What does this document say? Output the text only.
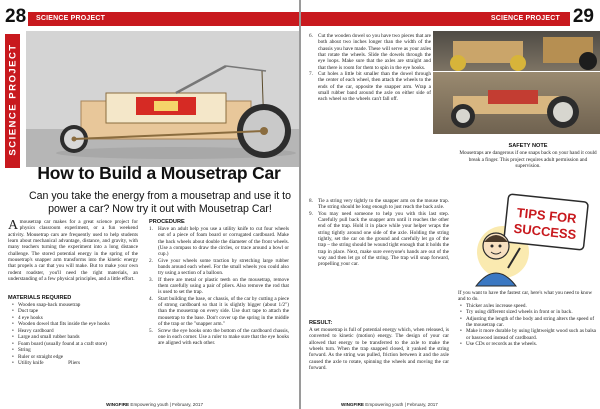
28	SCIENCE PROJECT
SCIENCE PROJECT
How to Build a Mousetrap Car
Can you take the energy from a mousetrap and use it to power a car? Now try it out with Mousetrap Car!
Amousetrap car makes for a great science project for physics classroom experiment, or a fun weekend activity. Mousetrap cars are frequently used to help students learn about mechanical advantage, distance, and gravity, with many teachers turning the experiment into a long distance challenge. The stored potential energy in the spring of the mousetrap's snapper arm transforms into the kinetic energy that propels a car that you will make. But to make your own rodent roadster, you'll need the right materials, an understanding of a few physical principles, and a little effort.
MATERIALS REQUIRED
• Wooden snap-back mousetrap
• Duct tape
• 4 eye hooks
• Wooden dowel that fits inside the eye hooks
• Heavy cardboard
• Large and small rubber bands
• Foam board (usually found at a craft store)
• String
• Ruler or straight edge
• Utility knife	Pliers
PROCEDURE
1. Have an adult help you use a utility knife to cut four wheels out of a piece of foam board or corrugated cardboard. Make the back wheels about double the diameter of the front wheels. (Use a compass to draw the circles, or trace around a bowl or cup.)
2. Give your wheels some traction by stretching large rubber bands around each wheel. For the small wheels you could also try using a section of a balloon.
3. If there are metal or plastic teeth on the mousetrap, remove them carefully using a pair of pliers. Also remove the rod that is used to set the trap.
4. Start building the base, or chassis, of the car by cutting a piece of strong cardboard so that it is slightly bigger (about 1/2") than the mousetrap on every side. Use duct tape to attach the mousetrap to the base. Don't cover up the spring in the middle of the trap or the "snapper arm."
5. Screw the eye hooks onto the bottom of the cardboard chassis, one in each corner. Use a ruler to make sure that the eye hooks are aligned with each other.
WINGFIRE Empowering youth | February, 2017
SCIENCE PROJECT 29
6. Cut the wooden dowel so you have two pieces that are both about two inches longer than the width of the chassis you have made. These will serve as your axles that rotate the wheels. Slide the dowels through the eye loops. Make sure that the axles are straight and that there is room for them to spin in the eye hooks.
7. Cut holes a little bit smaller than the dowel through the center of each wheel, then attach the wheels to the ends of the car, opposite the snapper arm. Wrap a small rubber band around the axle on either side of each wheel so the wheels can't fall off.
SAFETY NOTE
Mousetraps are dangerous if one snaps back on your hand it could break a finger. This project requires adult permission and supervision.
8. Tie a string very tightly to the snapper arm on the mouse trap. The string should be long enough to just reach the back axle.
9. You may need someone to help you with this last step. Carefully pull back the snapper arm until it reaches the other end of the trap. Hold it in place while your helper wraps the string tightly around one side of the axle. Holding the string tightly, set the car on the ground and carefully let go of the trap – the string should be wound tight enough that it holds the trap in place. Next, make sure everyone's hands are out of the way and then let go of the string. The trap will snap forward, propelling your car.
RESULT:
A set mousetrap is full of potential energy which, when released, is converted to kinetic (motion) energy. The design of your car allowed that energy to be transferred to the axle to make the wheels turn. When the trap snapped closed, it yanked the string forward. As the string was pulled, friction between it and the axle caused the axle to rotate, spinning the wheels and moving the car forward.
TIPS FOR
SUCCESS
If you want to have the fastest car, here's what you need to know and to do.
• Thicker axles increase speed.
• Try using different sized wheels in front or in back.
• Adjusting the length of the body and string alters the speed of the mousetrap car.
• Make it more durable by using lightweight wood such as balsa or basswood instead of cardboard.
• Use CDs or records as the wheels.
WINGFIRE Empowering youth | February, 2017
